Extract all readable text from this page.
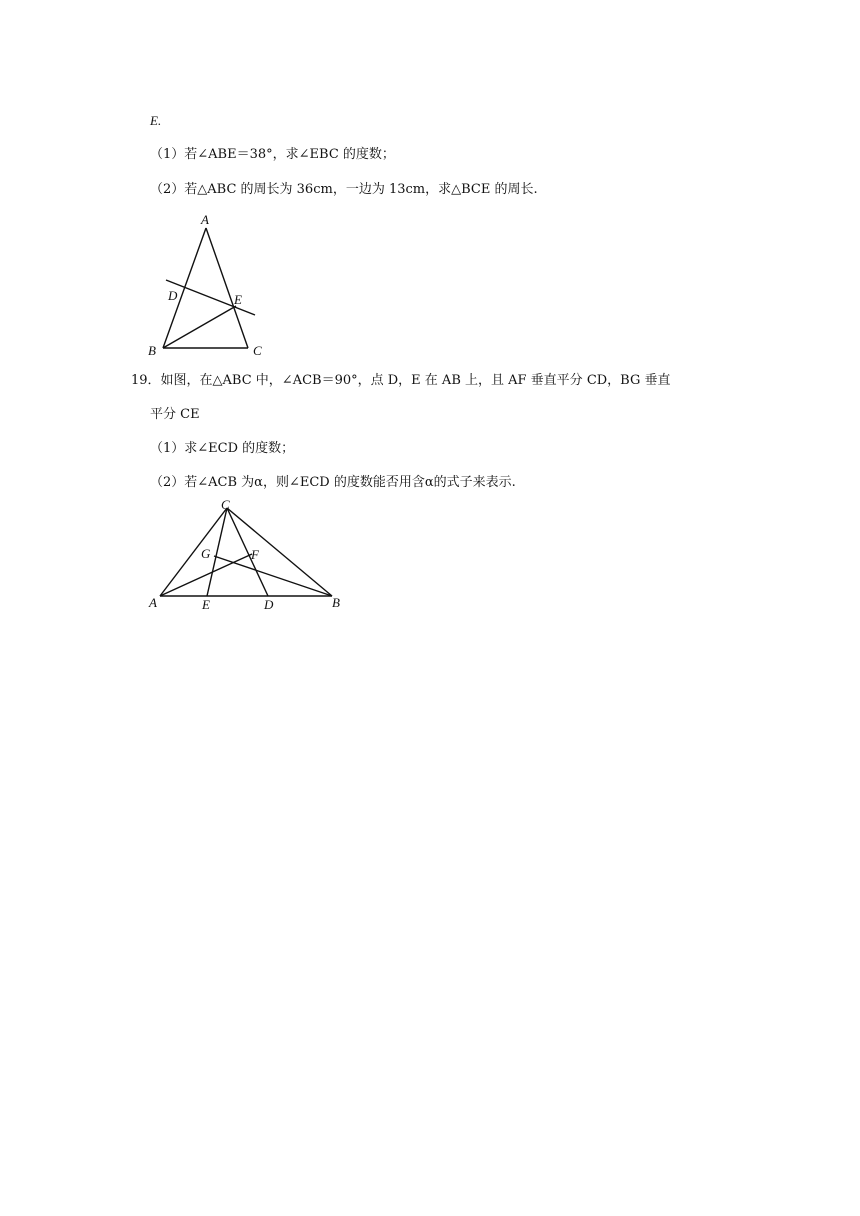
E.
（1）若∠ABE＝38°，求∠EBC 的度数；
（2）若△ABC 的周长为 36cm，一边为 13cm，求△BCE 的周长.
A
B	C
D	E
19．如图，在△ABC 中，∠ACB＝90°，点 D，E 在 AB 上，且 AF 垂直平分 CD，BG 垂直
平分 CE
（1）求∠ECD 的度数；
（2）若∠ACB 为α，则∠ECD 的度数能否用含α的式子来表示.
C
G	F
A	E	D	B
